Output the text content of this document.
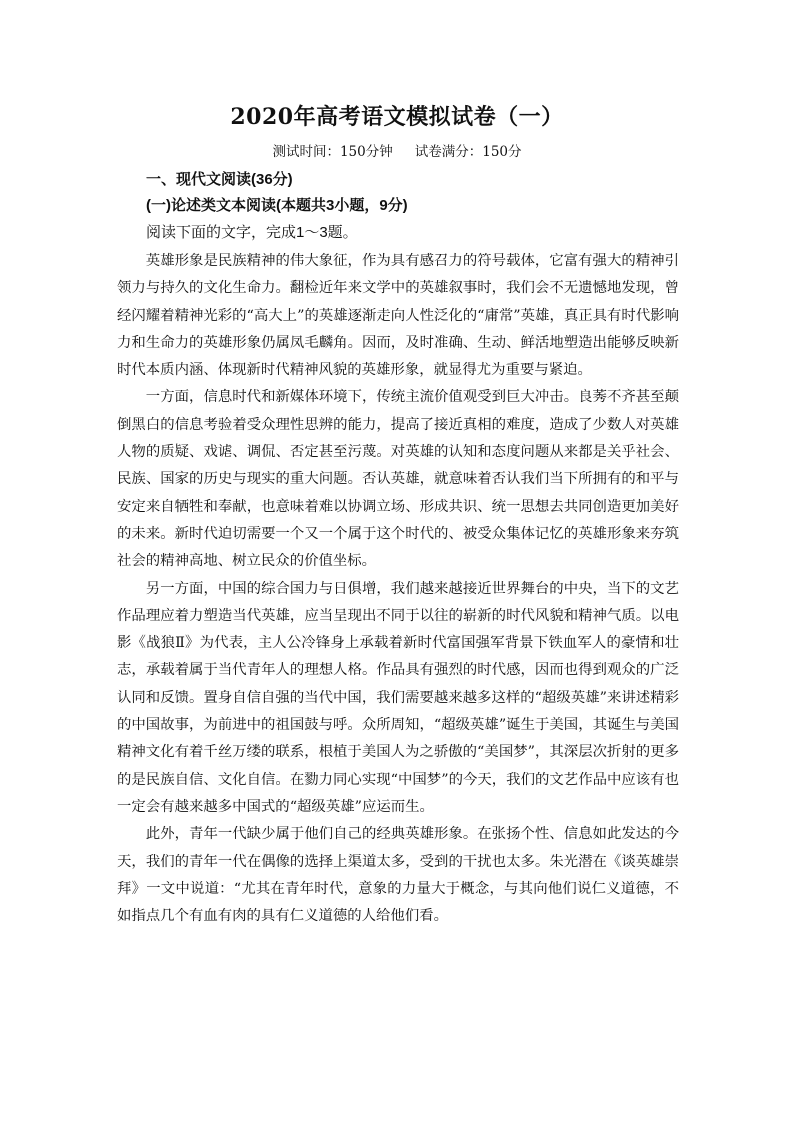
2020年高考语文模拟试卷（一）
测试时间：150分钟 试卷满分：150分
一、现代文阅读(36分)
(一)论述类文本阅读(本题共3小题，9分)
阅读下面的文字，完成1～3题。

英雄形象是民族精神的伟大象征，作为具有感召力的符号载体，它富有强大的精神引领力与持久的文化生命力。翻检近年来文学中的英雄叙事时，我们会不无遗憾地发现，曾经闪耀着精神光彩的“高大上”的英雄逐渐走向人性泛化的“庸常”英雄，真正具有时代影响力和生命力的英雄形象仍属凤毛麟角。因而，及时准确、生动、鲜活地塑造出能够反映新时代本质内涵、体现新时代精神风貌的英雄形象，就显得尤为重要与紧迫。

一方面，信息时代和新媒体环境下，传统主流价值观受到巨大冲击。良莠不齐甚至颠倒黑白的信息考验着受众理性思辨的能力，提高了接近真相的难度，造成了少数人对英雄人物的质疑、戏谑、调侃、否定甚至污蔑。对英雄的认知和态度问题从来都是关乎社会、民族、国家的历史与现实的重大问题。否认英雄，就意味着否认我们当下所拥有的和平与安定来自牺牲和奉献，也意味着难以协调立场、形成共识、统一思想去共同创造更加美好的未来。新时代迫切需要一个又一个属于这个时代的、被受众集体记忆的英雄形象来夯筑社会的精神高地、树立民众的价值坐标。

另一方面，中国的综合国力与日俱增，我们越来越接近世界舞台的中央，当下的文艺作品理应着力塑造当代英雄，应当呈现出不同于以往的崭新的时代风貌和精神气质。以电影《战狼Ⅱ》为代表，主人公冷锋身上承载着新时代富国强军背景下铁血军人的豪情和壮志，承载着属于当代青年人的理想人格。作品具有强烈的时代感，因而也得到观众的广泛认同和反馈。置身自信自强的当代中国，我们需要越来越多这样的“超级英雄”来讲述精彩的中国故事，为前进中的祖国鼓与呼。众所周知，“超级英雄”诞生于美国，其诞生与美国精神文化有着千丝万缕的联系，根植于美国人为之骄傲的“美国梦”，其深层次折射的更多的是民族自信、文化自信。在勠力同心实现“中国梦”的今天，我们的文艺作品中应该有也一定会有越来越多中国式的“超级英雄”应运而生。

此外，青年一代缺少属于他们自己的经典英雄形象。在张扬个性、信息如此发达的今天，我们的青年一代在偶像的选择上渠道太多，受到的干扰也太多。朱光潜在《谈英雄崇拜》一文中说道：“尤其在青年时代，意象的力量大于概念，与其向他们说仁义道德，不如指点几个有血有肉的具有仁义道德的人给他们看。
